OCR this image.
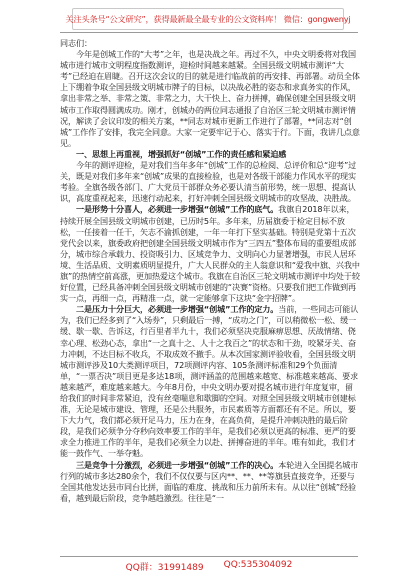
关注头条号“公文研究”，获得最新最全最专业的公文资料库！ 微信：gongwenyj

同志们：

今年是创城工作的“大考”之年，也是决战之年。再过不久，中央文明委将对我国城市进行城市文明程度指数测评，迎检时间越来越紧。全国县级文明城市测评“大考”已经迫在眉睫。召开这次会议的目的就是进行临战前的再安排、再部署。动员全体上下绷着争取全国县级文明城市牌子的目标，以决战必胜的姿态和求真务实的作风，拿出非常之举、非常之策、非常之力，大干快上、奋力拼搏，确保创建全国县级文明城市工作取得圆满成功。刚才，创城办的两位同志通报了自治区三轮文明城市测评情况，解读了会议印发的相关方案，**同志对城市更新工作进行了部署，**同志对“创城”工作作了安排，我完全同意。大家一定要牢记于心、落实于行。下面，我讲几点意见。

一、思想上再重视，增强抓好“创城”工作的责任感和紧迫感

今年的测评迎检，是对我们当年多年“创城”工作的总检阅、总评价和总“迎考”过关，既是对我们多年来“创城”成果的直接检验，也是对各级干部能力作风水平的现实考验。全旗各级各部门、广大党员干部群众务必要认清当前形势，统一思想、提高认识，高度重视起来，迅速行动起来，打好冲刺全国县级文明城市的攻坚战、决胜战。

一是形势十分喜人，必须进一步增强“创城”工作的底气。我旗自2018年以来，持续开展全国县级文明城市创建，已历时5年。多年来，历届旗委于检定目标不放松，一任接着一任干，矢志不渝抓创建，一年一年打下坚实基础。特别是党第十五次党代会以来，旗委政府把创建全国县级文明城市作为“三四五”整体布局的重要组成部分，城市综合承载力、投资吸引力、区域竞争力、文明向心力显著增强，市民人居环境、生活品质、文明素质明显提升，广大人民群众的主人翁意识和“爱我中旗、兴我中旗”的热情空前高涨，更加热爱这个城市。我旗在自治区三轮文明城市测评中均处于较好位置，已经具备冲刺全国县级文明城市创建的“决赛”资格。只要我们把工作做到再实一点，再细一点，再精准一点，就一定能够拿下这块“金字招牌”。

二是压力十分巨大，必须进一步增强“创城”工作的定力。当前，一些同志可能认为，我们已经多到了“入场券”，只剩最后一搏，“成功之门”，可以稍微松一松、缓一缓、歇一歇、告诉这，行百里者半九十，我们必须坚决克服麻痹思想、厌战情绪、侥幸心理、松劲心态，拿出“一之真十之、人十之我百之”的状态和干劲，咬紧牙关、奋力冲刺，不达目标不收兵，不取成效不撤手。从本次国家测评验收看，全国县级文明城市测评涉及10大类测评项目，72项测评内容、105条测评标准和29个负面清单，“一票否决”项目更是多达18项，测评涵盖的范围越来越宽、标准越来越高、要求越来越严，难度越来越大。今年8月份，中央文明办要对提名城市进行年度复审，留给我们的时间非常紧迫，没有丝毫喘息和歇脚的空间。对照全国县级文明城市创建标准，无论是城市建设、管理，还是公共服务，市民素质等方面都还有不足。所以，要下大力气，我们都必须开足马力，压力在身，在高负荷，是提升冲刺决胜的最后阶段，是我们必须争分夺秒向效率要工作的半年，是我们必须以更高的标准、更严的要求全力推进工作的半年，是我们必须全力以赴、拼搏奋进的半年。唯有如此，我们才能一鼓作气、一举夺魁。

三是竞争十分激烈，必须进一步增强“创城”工作的决心。本轮进入全国提名城市行列的城市多达280余个，我们不仅仅要与区内**、**、**等旗县直接竞争，还要与全国其他发达县市同台比拼，面临的难度、挑战和压力前所未有。从以往“创城”经验看，越到最后阶段，竞争越趋激烈。往往是“一

QQ群：31991489 QQ:535304092
